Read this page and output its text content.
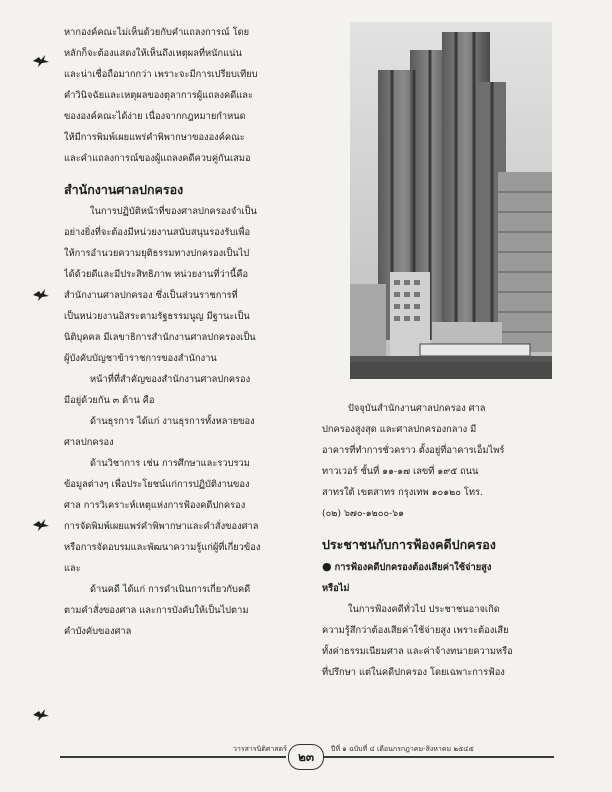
หากองค์คณะไม่เห็นด้วยกับคำแถลงการณ์ โดย
หลักก็จะต้องแสดงให้เห็นถึงเหตุผลที่หนักแน่น
และน่าเชื่อถือมากกว่า เพราะจะมีการเปรียบเทียบ
คำวินิจฉัยและเหตุผลของตุลาการผู้แถลงคดีและ
ขององค์คณะได้ง่าย เนื่องจากกฎหมายกำหนด
ให้มีการพิมพ์เผยแพร่คำพิพากษาขององค์คณะ
และคำแถลงการณ์ของผู้แถลงคดีควบคู่กันเสมอ
สำนักงานศาลปกครอง
ในการปฏิบัติหน้าที่ของศาลปกครองจำเป็น
อย่างยิ่งที่จะต้องมีหน่วยงานสนับสนุนรองรับเพื่อ
ให้การอำนวยความยุติธรรมทางปกครองเป็นไป
ได้ด้วยดีและมีประสิทธิภาพ หน่วยงานที่ว่านี้คือ
สำนักงานศาลปกครอง ซึ่งเป็นส่วนราชการที่
เป็นหน่วยงานอิสระตามรัฐธรรมนูญ มีฐานะเป็น
นิติบุคคล มีเลขาธิการสำนักงานศาลปกครองเป็น
ผู้บังคับบัญชาข้าราชการของสำนักงาน
หน้าที่ที่สำคัญของสำนักงานศาลปกครอง
มีอยู่ด้วยกัน ๓ ด้าน คือ
ด้านธุรการ ได้แก่ งานธุรการทั้งหลายของ
ศาลปกครอง
ด้านวิชาการ เช่น การศึกษาและรวบรวม
ข้อมูลต่างๆ เพื่อประโยชน์แก่การปฏิบัติงานของ
ศาล การวิเคราะห์เหตุแห่งการฟ้องคดีปกครอง
การจัดพิมพ์เผยแพร่คำพิพากษาและคำสั่งของศาล
หรือการจัดอบรมและพัฒนาความรู้แก่ผู้ที่เกี่ยวข้อง
และ
ด้านคดี ได้แก่ การดำเนินการเกี่ยวกับคดี
ตามคำสั่งของศาล และการบังคับให้เป็นไปตาม
คำบังคับของศาล
ปัจจุบันสำนักงานศาลปกครอง ศาล
ปกครองสูงสุด และศาลปกครองกลาง มี
อาคารที่ทำการชั่วคราว ตั้งอยู่ที่อาคารเอ็มไพร์
ทาวเวอร์ ชั้นที่ ๑๑-๑๗ เลขที่ ๑๙๕ ถนน
สาทรใต้ เขตสาทร กรุงเทพ ๑๐๑๒๐ โทร.
(๐๒) ๖๗๐-๑๒๐๐-๖๑
ประชาชนกับการฟ้องคดีปกครอง
● การฟ้องคดีปกครองต้องเสียค่าใช้จ่ายสูง
หรือไม่
ในการฟ้องคดีทั่วไป ประชาชนอาจเกิด
ความรู้สึกว่าต้องเสียค่าใช้จ่ายสูง เพราะต้องเสีย
ทั้งค่าธรรมเนียมศาล และค่าจ้างทนายความหรือ
ที่ปรึกษา แต่ในคดีปกครอง โดยเฉพาะการฟ้อง
วารสารนิติศาสตร์
๒๓
ปีที่ ๑ ฉบับที่ ๔ เดือนกรกฎาคม-สิงหาคม ๒๕๔๕
